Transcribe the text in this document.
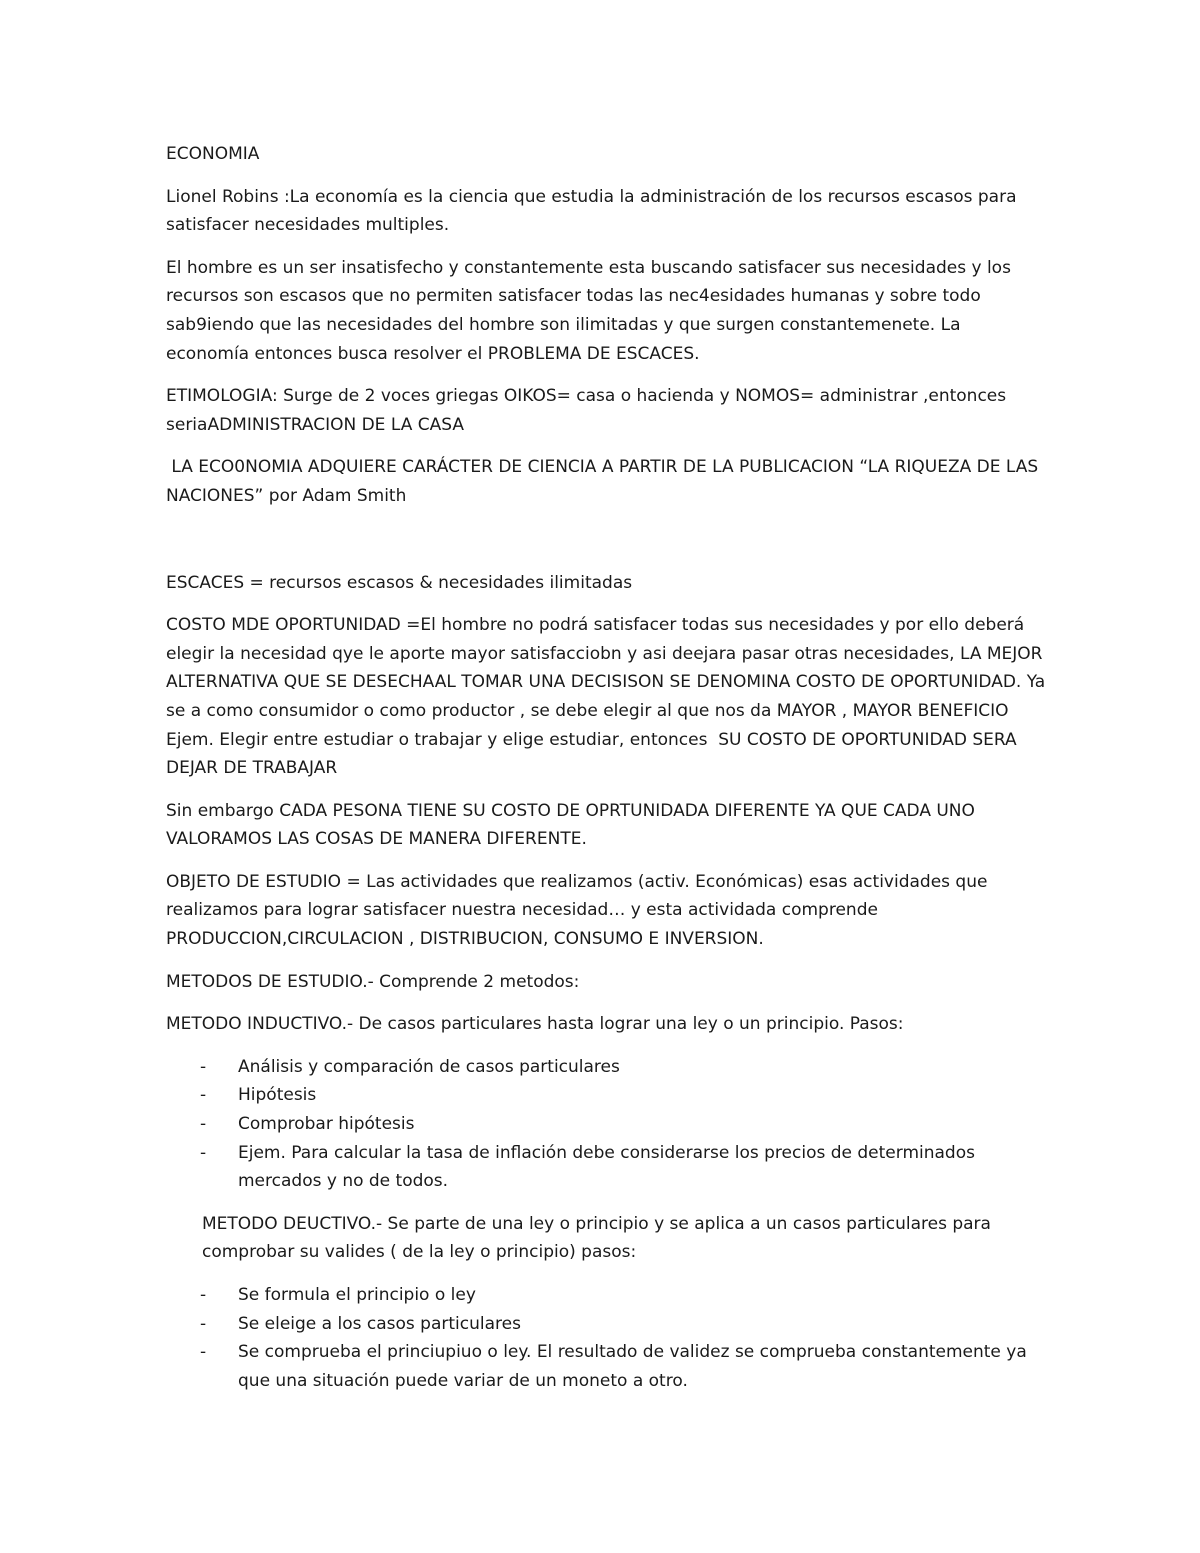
ECONOMIA

Lionel Robins :La economía es la ciencia que estudia la administración de los recursos escasos para satisfacer necesidades multiples.

El hombre es un ser insatisfecho y constantemente esta buscando satisfacer sus necesidades y los recursos son escasos que no permiten satisfacer todas las nec4esidades humanas y sobre todo sab9iendo que las necesidades del hombre son ilimitadas y que surgen constantemenete. La economía entonces busca resolver el PROBLEMA DE ESCACES.

ETIMOLOGIA: Surge de 2 voces griegas OIKOS= casa o hacienda y NOMOS= administrar ,entonces seriaADMINISTRACION DE LA CASA

LA ECO0NOMIA ADQUIERE CARÁCTER DE CIENCIA A PARTIR DE LA PUBLICACION “LA RIQUEZA DE LAS NACIONES” por Adam Smith

ESCACES = recursos escasos & necesidades ilimitadas

COSTO MDE OPORTUNIDAD =El hombre no podrá satisfacer todas sus necesidades y por ello deberá elegir la necesidad qye le aporte mayor satisfacciobn y asi deejara pasar otras necesidades, LA MEJOR ALTERNATIVA QUE SE DESECHAAL TOMAR UNA DECISISON SE DENOMINA COSTO DE OPORTUNIDAD. Ya se a como consumidor o como productor , se debe elegir al que nos da MAYOR , MAYOR BENEFICIO Ejem. Elegir entre estudiar o trabajar y elige estudiar, entonces  SU COSTO DE OPORTUNIDAD SERA DEJAR DE TRABAJAR

Sin embargo CADA PESONA TIENE SU COSTO DE OPRTUNIDADA DIFERENTE YA QUE CADA UNO VALORAMOS LAS COSAS DE MANERA DIFERENTE.

OBJETO DE ESTUDIO = Las actividades que realizamos (activ. Económicas) esas actividades que realizamos para lograr satisfacer nuestra necesidad… y esta actividada comprende PRODUCCION,CIRCULACION , DISTRIBUCION, CONSUMO E INVERSION.

METODOS DE ESTUDIO.- Comprende 2 metodos:

METODO INDUCTIVO.- De casos particulares hasta lograr una ley o un principio. Pasos:

- Análisis y comparación de casos particulares
- Hipótesis
- Comprobar hipótesis
- Ejem. Para calcular la tasa de inflación debe considerarse los precios de determinados mercados y no de todos.

METODO DEUCTIVO.- Se parte de una ley o principio y se aplica a un casos particulares para comprobar su valides ( de la ley o principio) pasos:

- Se formula el principio o ley
- Se eleige a los casos particulares
- Se comprueba el princiupiuo o ley. El resultado de validez se comprueba constantemente ya que una situación puede variar de un moneto a otro.
